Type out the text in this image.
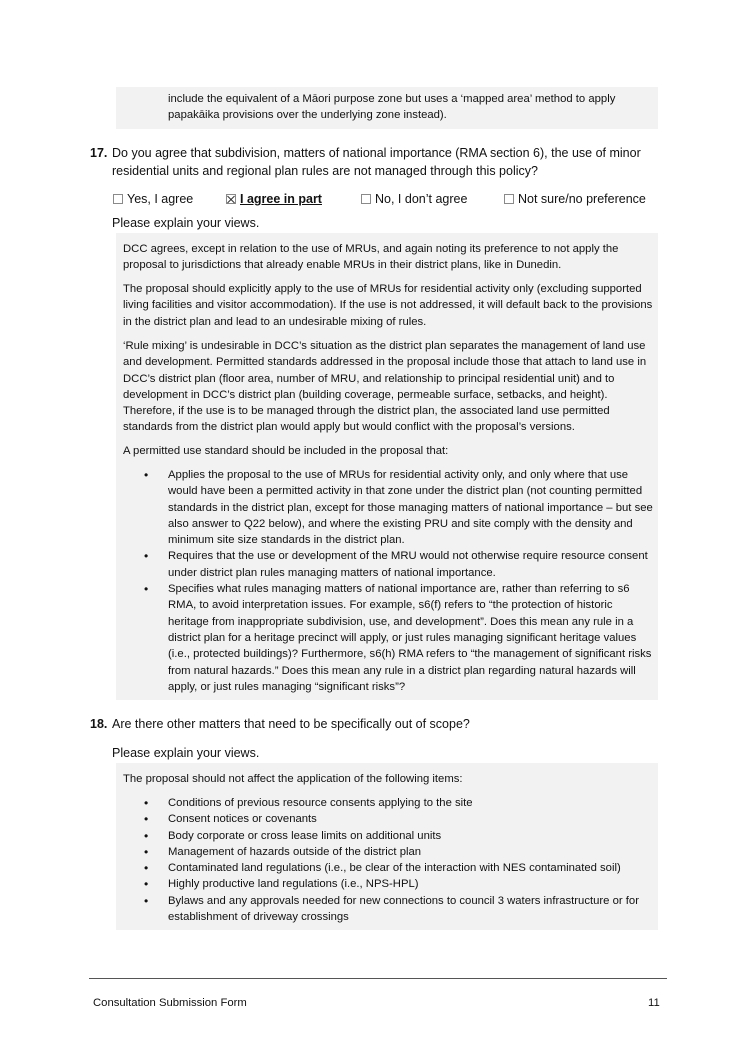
include the equivalent of a Māori purpose zone but uses a ‘mapped area’ method to apply
papakāika provisions over the underlying zone instead).
17. Do you agree that subdivision, matters of national importance (RMA section 6), the use of minor residential units and regional plan rules are not managed through this policy?
Yes, I agree	I agree in part	No, I don’t agree	Not sure/no preference
Please explain your views.
DCC agrees, except in relation to the use of MRUs, and again noting its preference to not apply the proposal to jurisdictions that already enable MRUs in their district plans, like in Dunedin.
The proposal should explicitly apply to the use of MRUs for residential activity only (excluding supported living facilities and visitor accommodation). If the use is not addressed, it will default back to the provisions in the district plan and lead to an undesirable mixing of rules.
‘Rule mixing’ is undesirable in DCC’s situation as the district plan separates the management of land use and development. Permitted standards addressed in the proposal include those that attach to land use in DCC’s district plan (floor area, number of MRU, and relationship to principal residential unit) and to development in DCC’s district plan (building coverage, permeable surface, setbacks, and height). Therefore, if the use is to be managed through the district plan, the associated land use permitted standards from the district plan would apply but would conflict with the proposal’s versions.
A permitted use standard should be included in the proposal that:
• Applies the proposal to the use of MRUs for residential activity only, and only where that use would have been a permitted activity in that zone under the district plan (not counting permitted standards in the district plan, except for those managing matters of national importance – but see also answer to Q22 below), and where the existing PRU and site comply with the density and minimum site size standards in the district plan.
• Requires that the use or development of the MRU would not otherwise require resource consent under district plan rules managing matters of national importance.
• Specifies what rules managing matters of national importance are, rather than referring to s6 RMA, to avoid interpretation issues. For example, s6(f) refers to “the protection of historic heritage from inappropriate subdivision, use, and development”. Does this mean any rule in a district plan for a heritage precinct will apply, or just rules managing significant heritage values (i.e., protected buildings)? Furthermore, s6(h) RMA refers to “the management of significant risks from natural hazards.” Does this mean any rule in a district plan regarding natural hazards will apply, or just rules managing “significant risks”?
18. Are there other matters that need to be specifically out of scope?
Please explain your views.
The proposal should not affect the application of the following items:
• Conditions of previous resource consents applying to the site
• Consent notices or covenants
• Body corporate or cross lease limits on additional units
• Management of hazards outside of the district plan
• Contaminated land regulations (i.e., be clear of the interaction with NES contaminated soil)
• Highly productive land regulations (i.e., NPS-HPL)
• Bylaws and any approvals needed for new connections to council 3 waters infrastructure or for establishment of driveway crossings
Consultation Submission Form	11
